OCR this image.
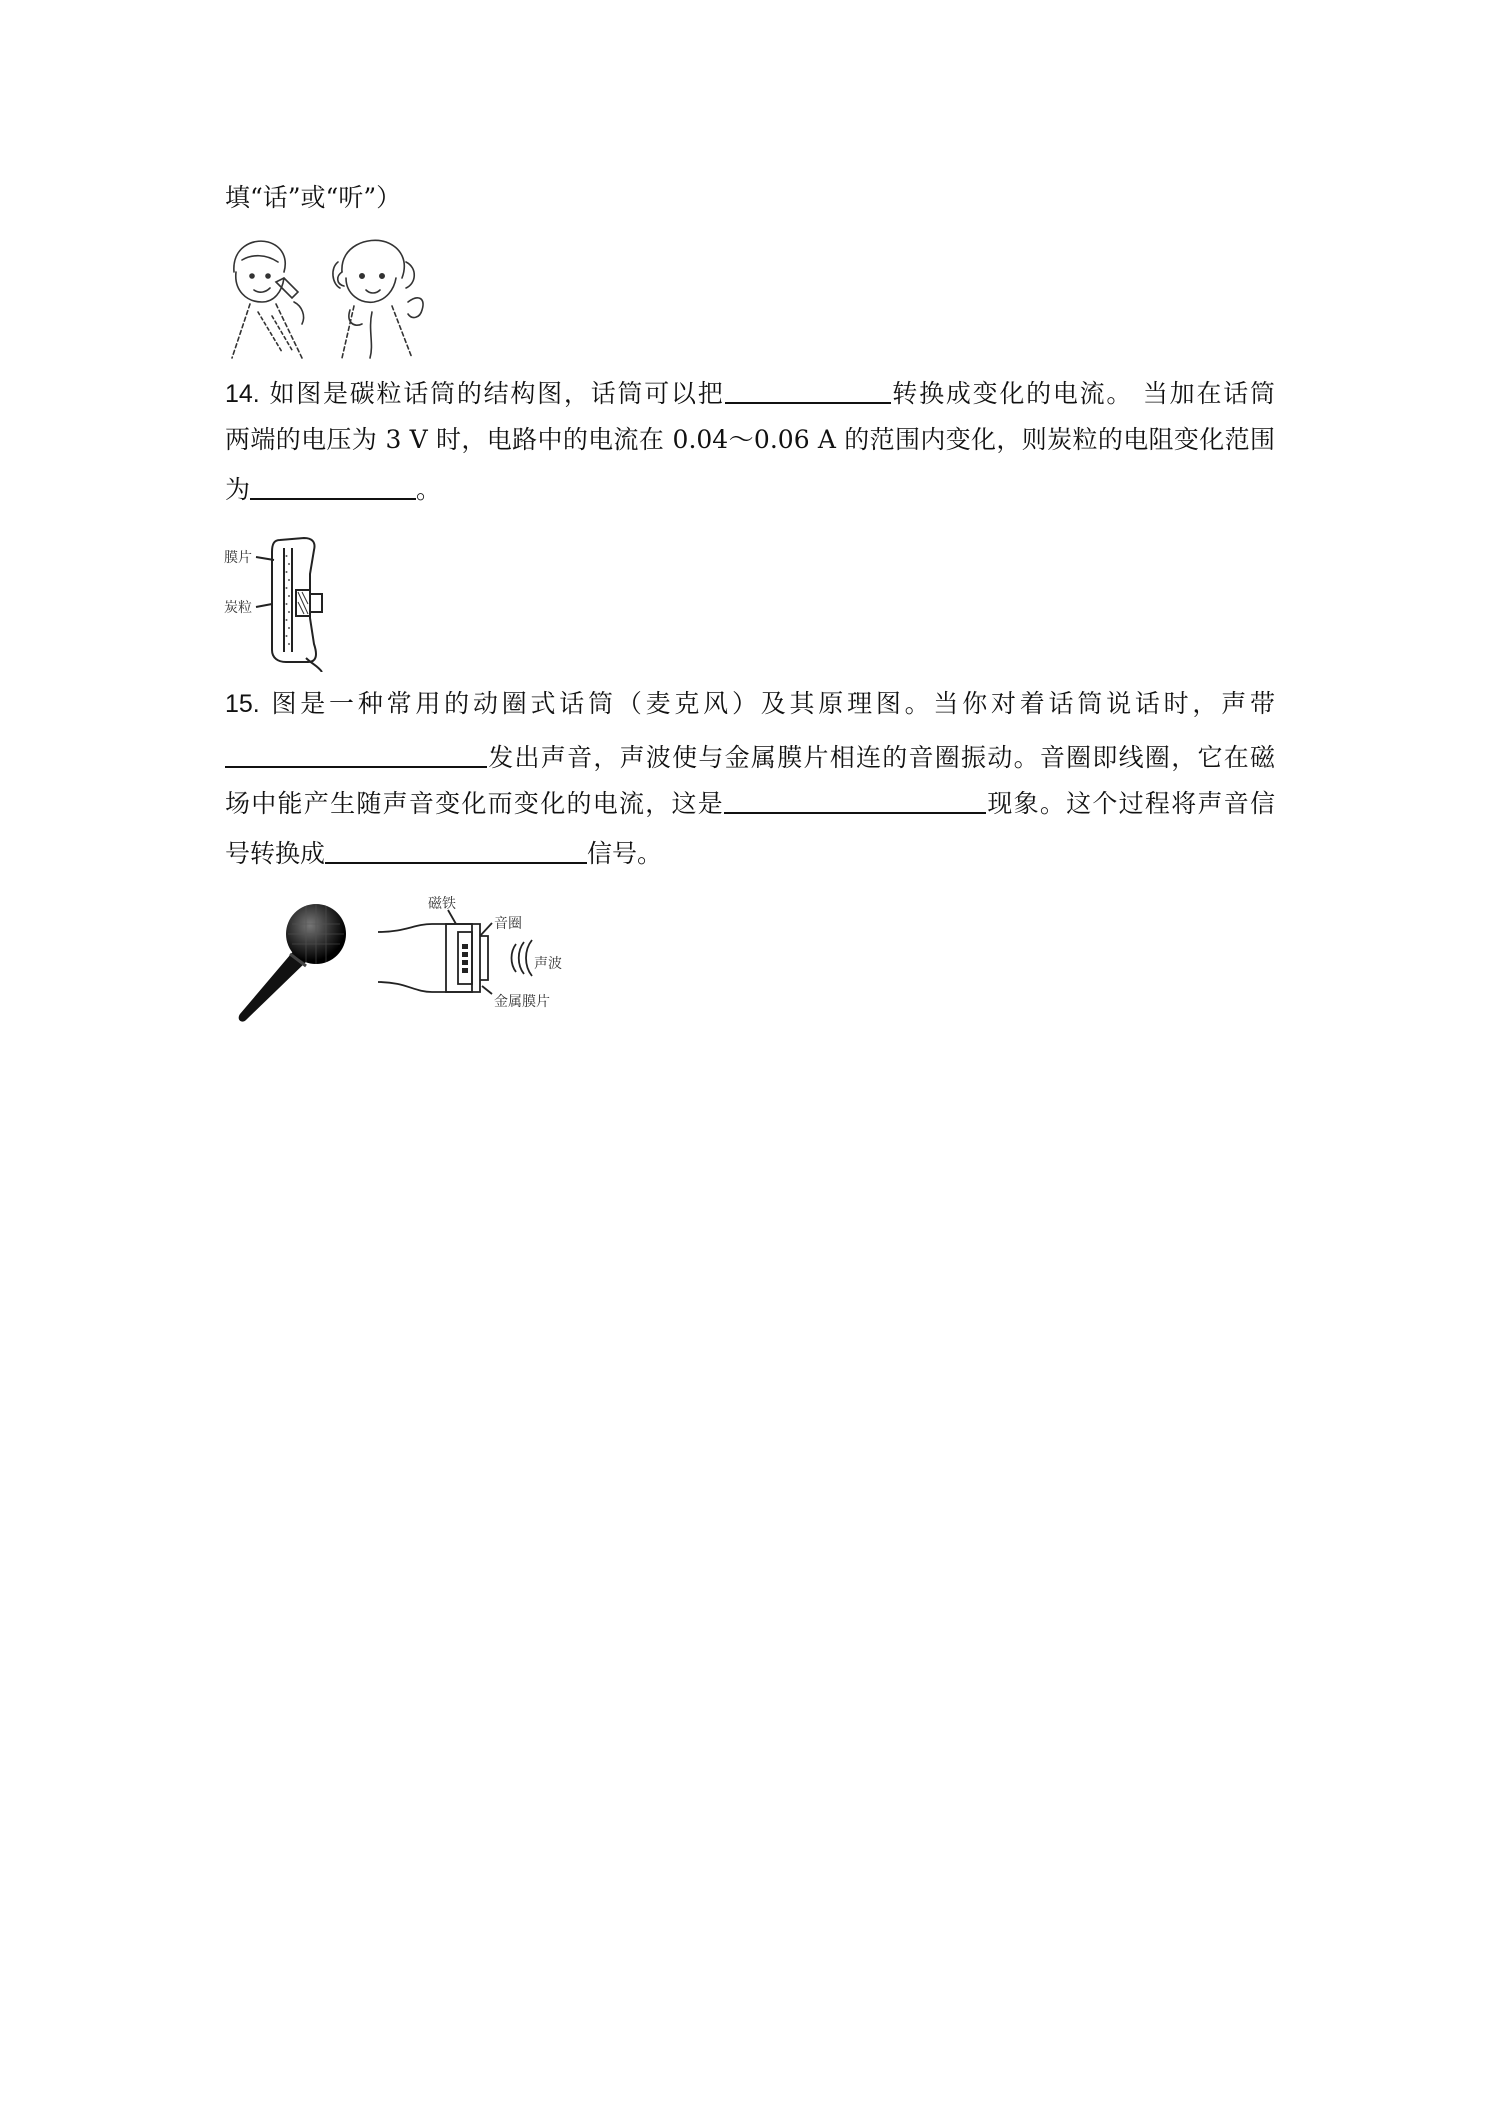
填“话”或“听”）
14. 如图是碳粒话筒的结构图，话筒可以把	转换成变化的电流。 当加在话筒
两端的电压为 3 V 时，电路中的电流在 0.04～0.06 A 的范围内变化，则炭粒的电阻变化范围
为	。
膜片
炭粒
15. 图是一种常用的动圈式话筒（麦克风）及其原理图。当你对着话筒说话时，声带
发出声音，声波使与金属膜片相连的音圈振动。音圈即线圈，它在磁
场中能产生随声音变化而变化的电流，这是	现象。这个过程将声音信
号转换成	信号。
磁铁
音圈
声波
金属膜片
